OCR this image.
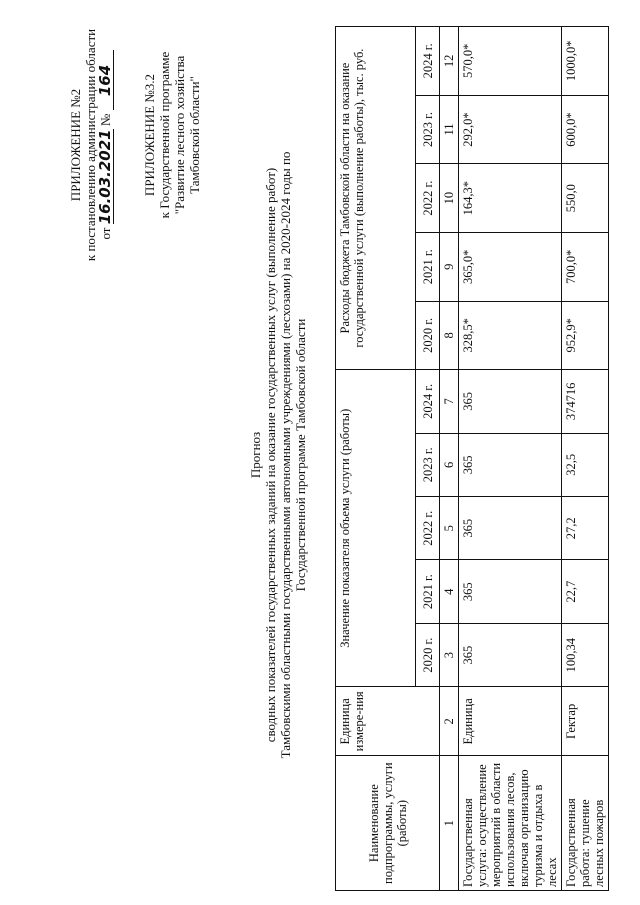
ПРИЛОЖЕНИЕ №2 к постановлению администрации области от 16.03.2021 № 164 ПРИЛОЖЕНИЕ №3.2 к Государственной программе "Развитие лесного хозяйства Тамбовской области"
Прогноз сводных показателей государственных заданий на оказание государственных услуг (выполнение работ) Тамбовскими областными государственными автономными учреждениями (лесхозами) на 2020-2024 годы по Государственной программе Тамбовской области
Наименование подпрограммы, услуги (работы)	Единица измере-ния	Значение показателя объема услуги (работы)					Расходы бюджета Тамбовской области на оказание государственной услуги (выполнение работы), тыс. руб.				
		2020 г.	2021 г.	2022 г.	2023 г.	2024 г.	2020 г.	2021 г.	2022 г.	2023 г.	2024 г.
1	2	3	4	5	6	7	8	9	10	11	12
Государственная услуга: осуществление мероприятий в области использования лесов, включая организацию туризма и отдыха в лесах	Единица	365	365	365	365	365	328,5*	365,0*	164,3*	292,0*	570,0*
Государственная работа: тушение лесных пожаров	Гектар	100,34	22,7	27,2	32,5	374716	952,9*	700,0*	550,0	600,0*	1000,0*
